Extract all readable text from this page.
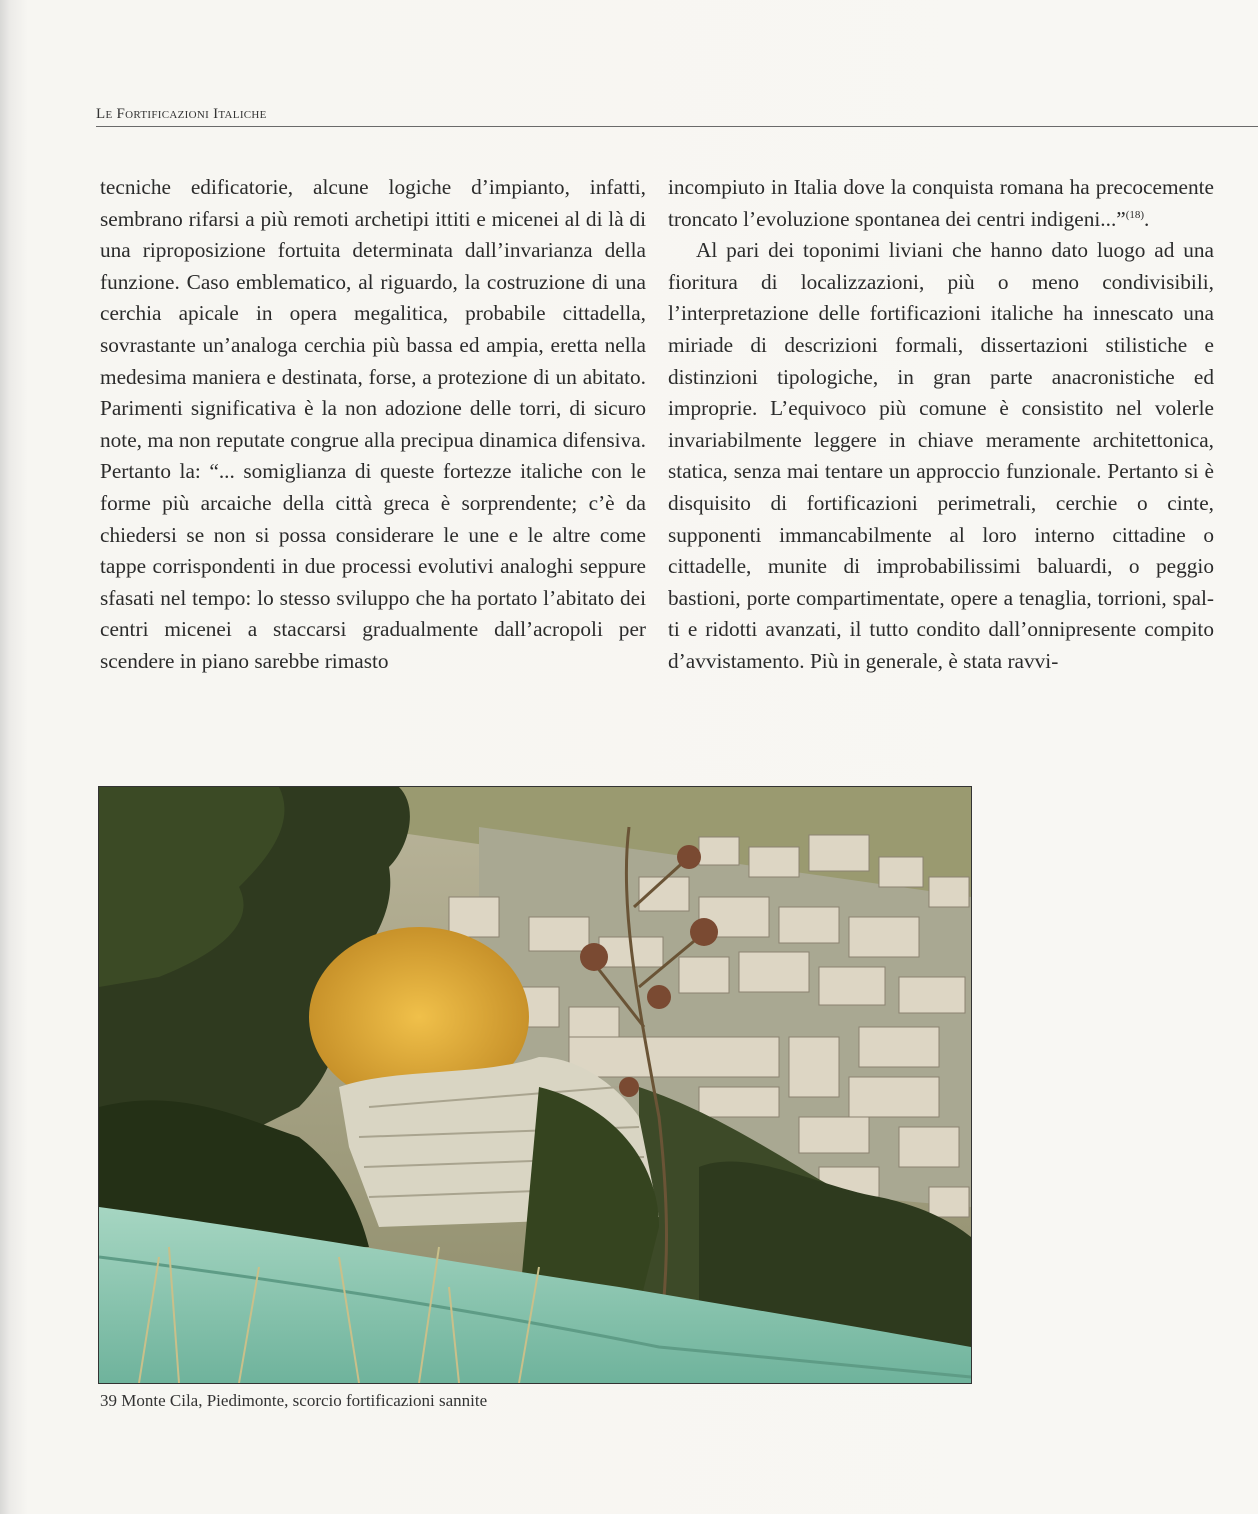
Le Fortificazioni Italiche

tecniche edificatorie, alcune logiche d’impianto, infatti, sembrano rifarsi a più remoti archetipi ittiti e micenei al di là di una riproposizione fortuita determinata dall’invarianza della funzione. Caso emblematico, al riguardo, la costruzione di una cerchia apicale in opera megalitica, probabile cittadella, sovrastante un’analoga cerchia più bassa ed ampia, eretta nella medesima maniera e destinata, forse, a protezione di un abitato. Parimenti significativa è la non adozione delle torri, di sicuro note, ma non reputate congrue alla precipua dinamica difensiva. Pertanto la: “... somiglianza di queste fortezze italiche con le forme più arcaiche della città greca è sorprendente; c’è da chiedersi se non si possa considerare le une e le altre come tappe corrispondenti in due processi evolutivi analoghi seppure sfasati nel tempo: lo stesso sviluppo che ha portato l’abitato dei centri micenei a staccarsi gradualmente dall’acropoli per scendere in piano sarebbe rimasto

incompiuto in Italia dove la conquista romana ha precocemente troncato l’evoluzione spontanea dei centri indigeni...”$^{(18)}$.

Al pari dei toponimi liviani che hanno dato luogo ad una fioritura di localizzazioni, più o meno condivisibili, l’interpretazione delle fortificazioni italiche ha innescato una miriade di descrizioni formali, dissertazioni stilistiche e distinzioni tipologiche, in gran parte anacronistiche ed improprie. L’equivoco più comune è consistito nel volerle invariabilmente leggere in chiave meramente architettonica, statica, senza mai tentare un approccio funzionale. Pertanto si è disquisito di fortificazioni perimetrali, cerchie o cinte, supponenti immancabilmente al loro interno cittadine o cittadelle, munite di improbabilissimi baluardi, o peggio bastioni, porte compartimentate, opere a tenaglia, torrioni, spalti e ridotti avanzati, il tutto condito dall’onnipresente compito d’avvistamento. Più in generale, è stata ravvi-

39 Monte Cila, Piedimonte, scorcio fortificazioni sannite
